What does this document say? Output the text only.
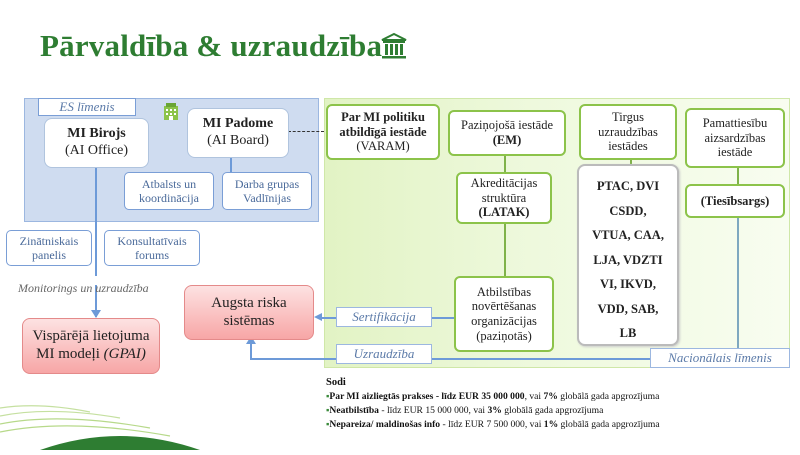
Pārvaldība & uzraudzība
ES līmenis
MI Birojs
(AI Office)
MI Padome
(AI Board)
Atbalsts un
koordinācija
Darba grupas
Vadlīnijas
Zinātniskais
panelis
Konsultatīvais
forums
Monitorings un uzraudzība
Par MI politiku
atbildīgā iestāde
(VARAM)
Paziņojošā iestāde
(EM)
Tirgus
uzraudzības
iestādes
Pamattiesību
aizsardzības
iestāde
Akreditācijas
struktūra
(LATAK)
PTAC, DVI
CSDD,
VTUA, CAA,
LJA, VDZTI
VI, IKVD,
VDD, SAB,
LB
(Tiesībsargs)
Atbilstības
novērtēšanas
organizācijas
(paziņotās)
Sertifikācija
Uzraudzība	Nacionālais līmenis
Augsta riska
sistēmas
Vispārējā lietojuma
MI modeļi (GPAI)
Sodi
▪Par MI aizliegtās prakses - līdz EUR 35 000 000, vai 7% globālā gada apgrozījuma
▪Neatbilstība - līdz EUR 15 000 000, vai 3% globālā gada apgrozījuma
▪Nepareiza/ maldinošas info - līdz EUR 7 500 000, vai 1% globālā gada apgrozījuma
